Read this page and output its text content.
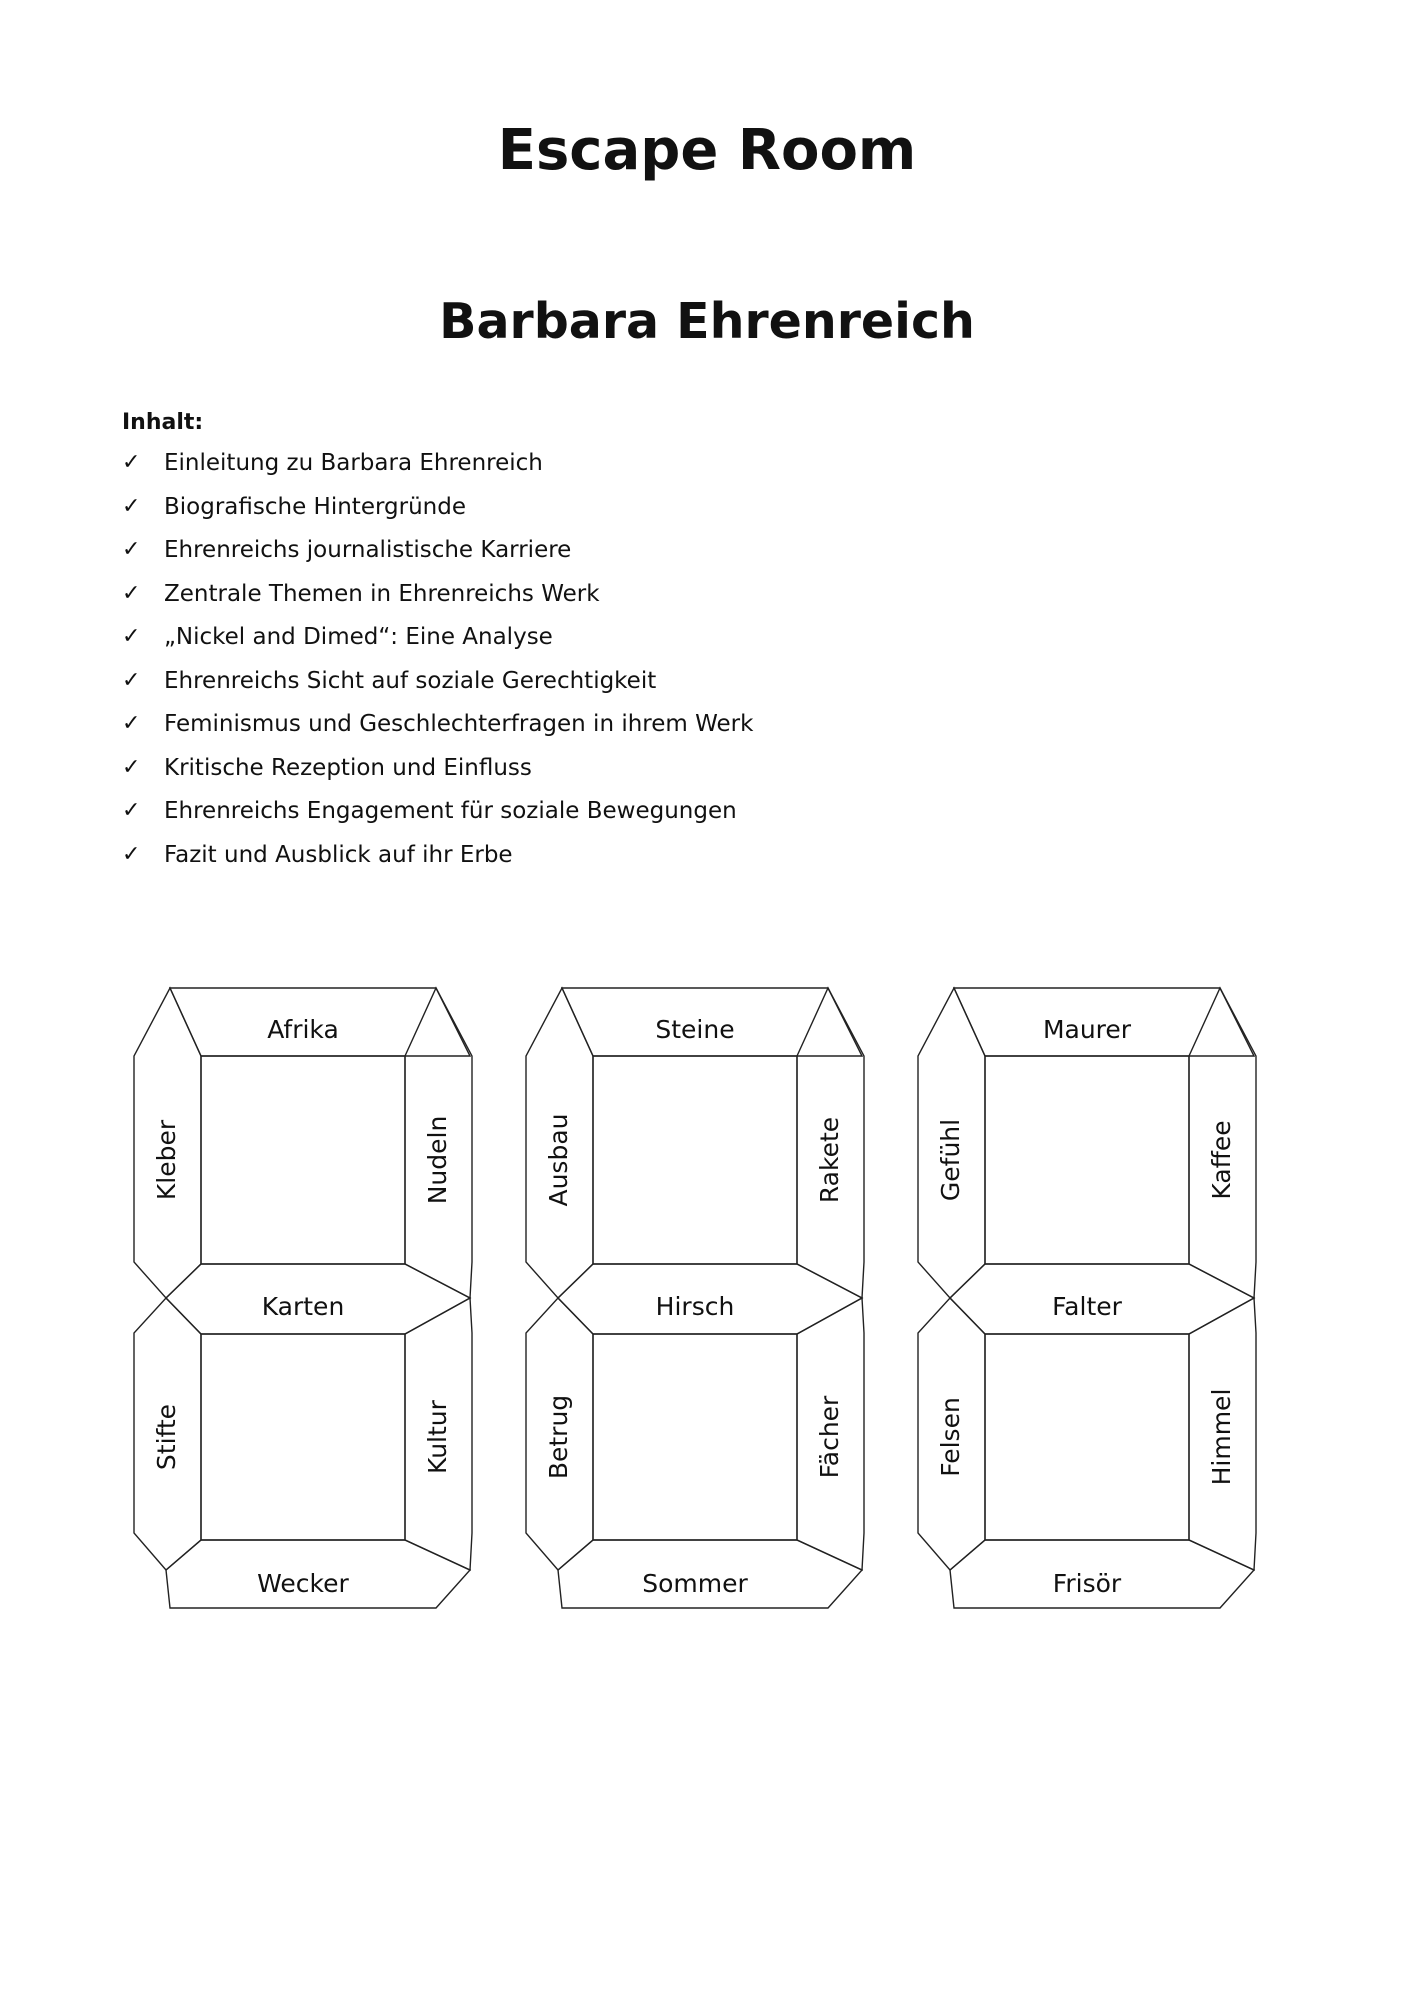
Escape Room
Barbara Ehrenreich
Inhalt:
✓	Einleitung zu Barbara Ehrenreich
✓	Biografische Hintergründe
✓	Ehrenreichs journalistische Karriere
✓	Zentrale Themen in Ehrenreichs Werk
✓	„Nickel and Dimed“: Eine Analyse
✓	Ehrenreichs Sicht auf soziale Gerechtigkeit
✓	Feminismus und Geschlechterfragen in ihrem Werk
✓	Kritische Rezeption und Einfluss
✓	Ehrenreichs Engagement für soziale Bewegungen
✓	Fazit und Ausblick auf ihr Erbe
Afrika
Karten
Wecker
Kleber	Nudeln
Stifte	Kultur
Steine
Hirsch
Sommer
Ausbau	Rakete
Betrug	Fächer
Maurer
Falter
Frisör
Gefühl	Kaffee
Felsen	Himmel
